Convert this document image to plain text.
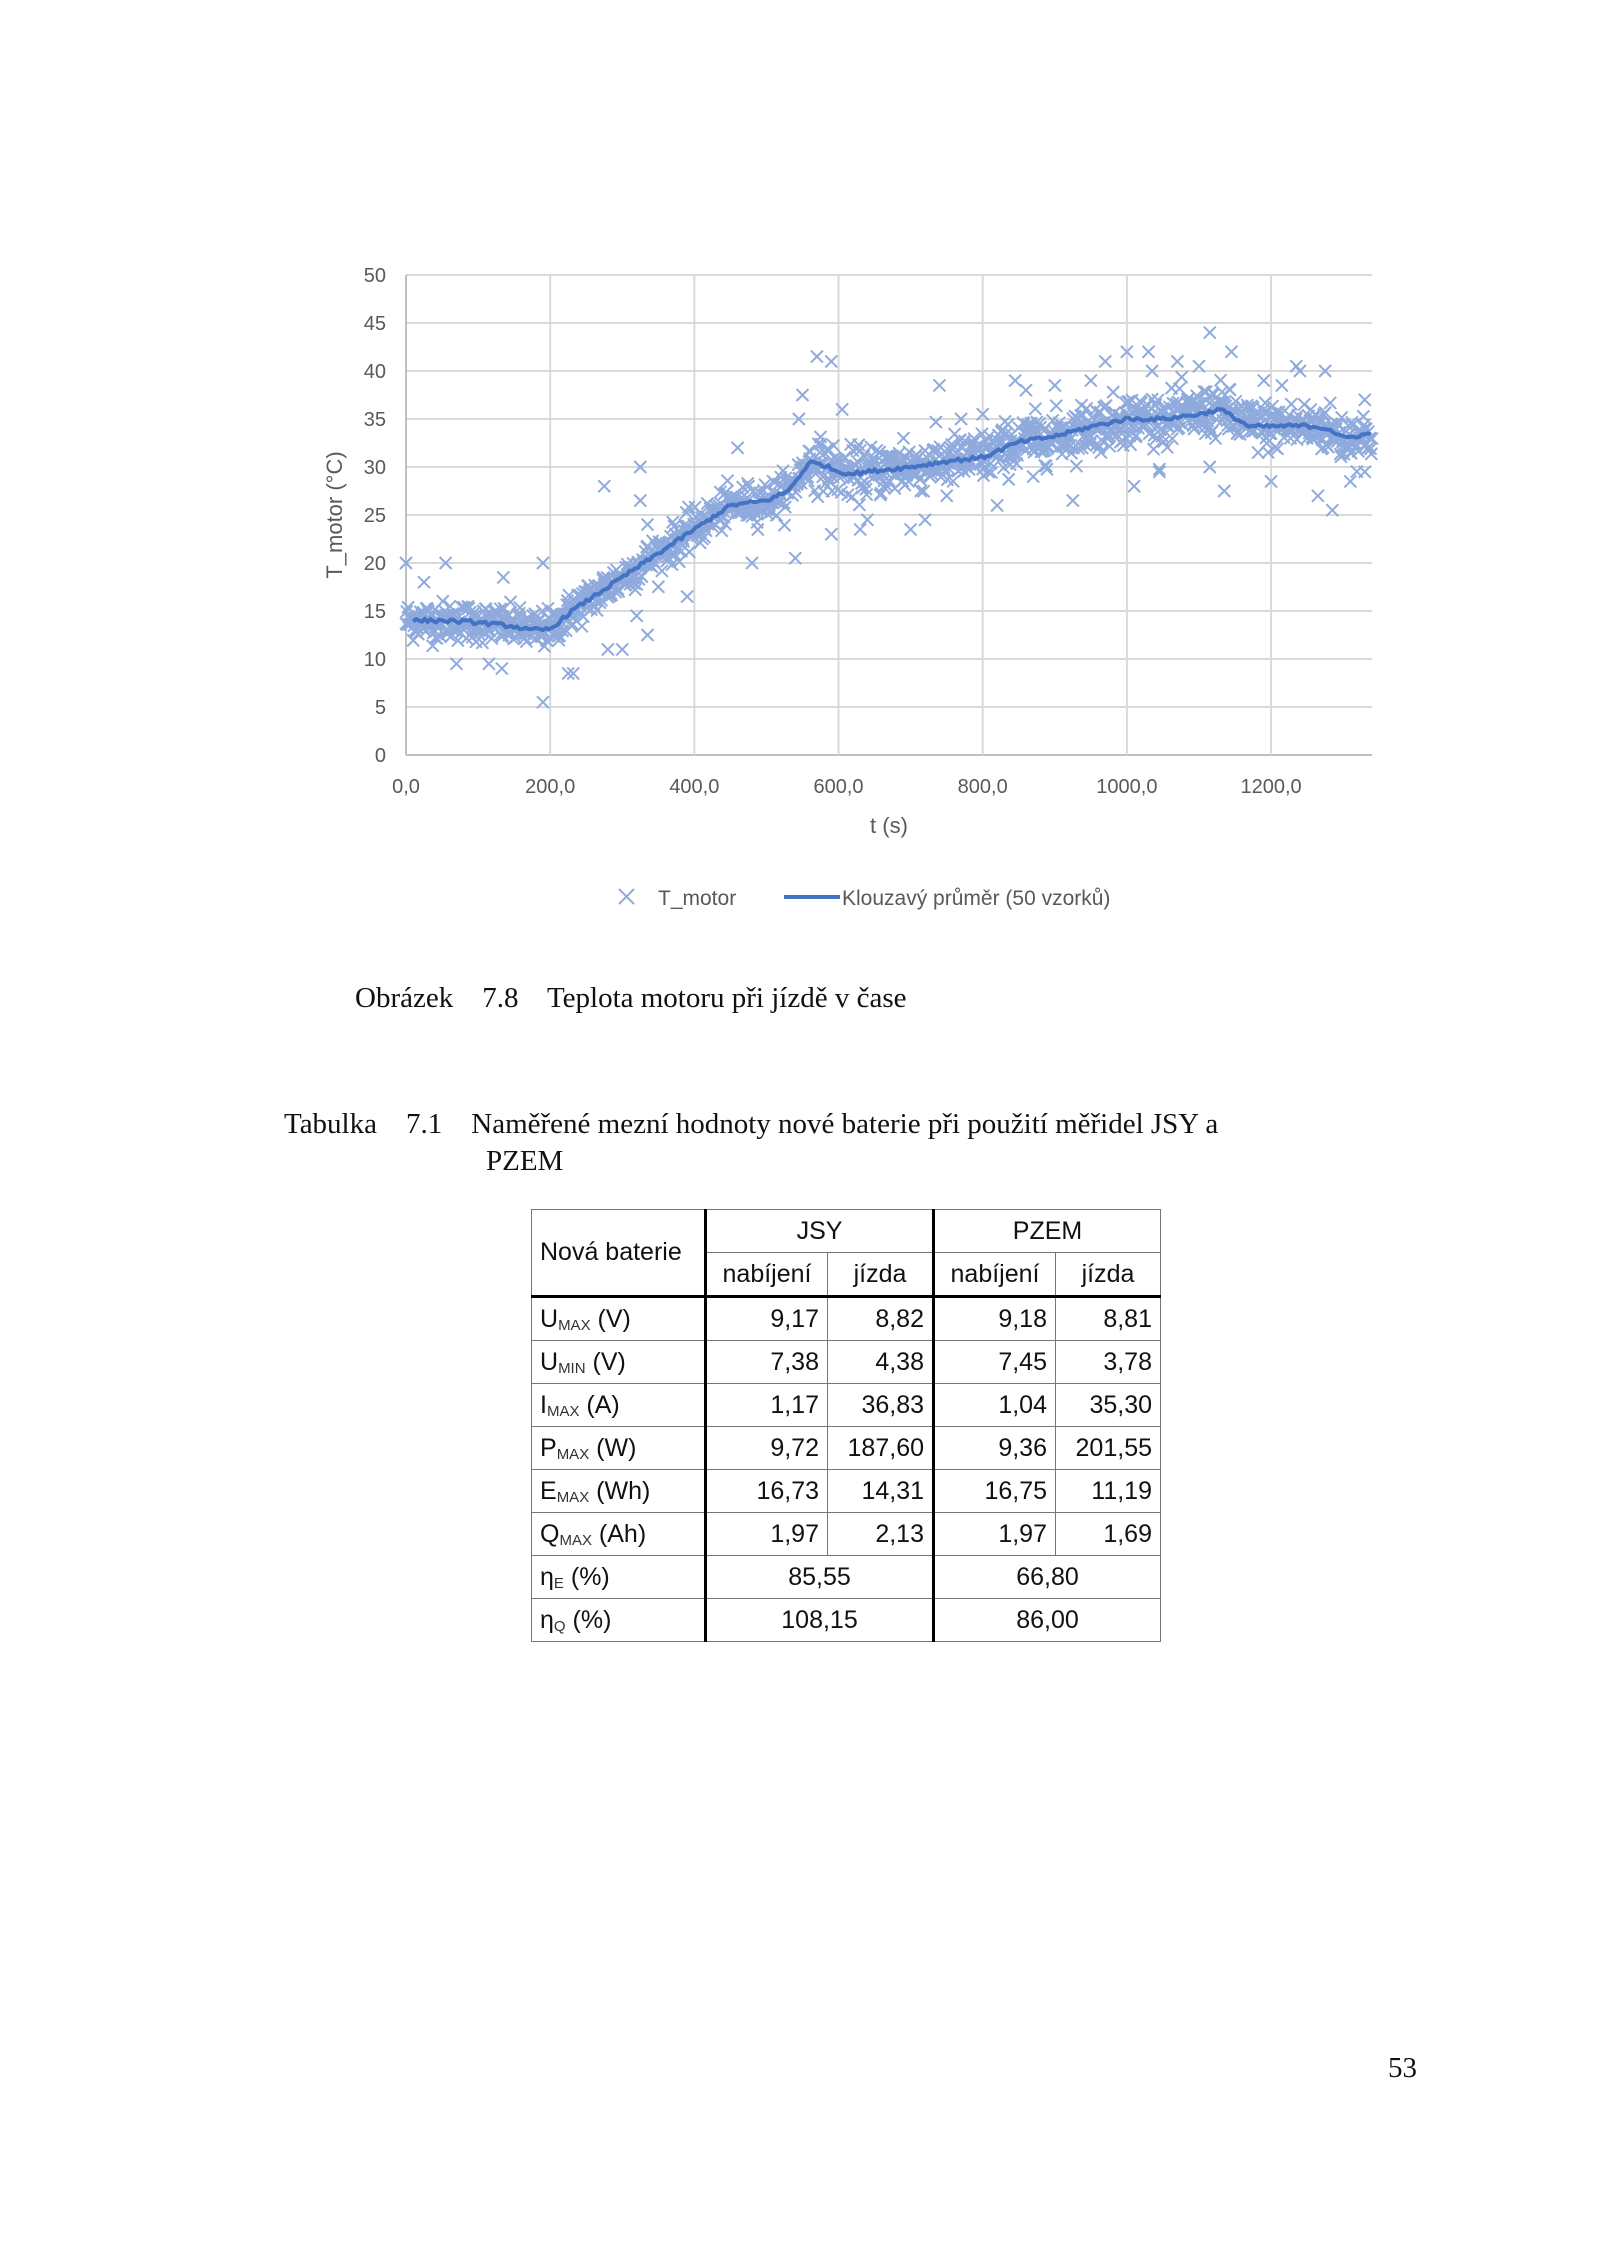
0
5
10
15
20
25
30
35
40
45
50
0,0	200,0	400,0	600,0	800,0	1000,0	1200,0
t (s)
T_motor (°C)
T_motor	Klouzavý průměr (50 vzorků)
Obrázek 7.8 Teplota motoru při jízdě v čase
Tabulka 7.1 Naměřené mezní hodnoty nové baterie při použití měřidel JSY a
PZEM
Nová baterie	JSY		PZEM	
	nabíjení	jízda	nabíjení	jízda
$U_{MAX}$ (V)	9,17	8,82	9,18	8,81
$U_{MIN}$ (V)	7,38	4,38	7,45	3,78
$I_{MAX}$ (A)	1,17	36,83	1,04	35,30
$P_{MAX}$ (W)	9,72	187,60	9,36	201,55
$E_{MAX}$ (Wh)	16,73	14,31	16,75	11,19
$Q_{MAX}$ (Ah)	1,97	2,13	1,97	1,69
$\eta_E$ (%)	85,55		66,80	
$\eta_Q$ (%)	108,15		86,00	
53
